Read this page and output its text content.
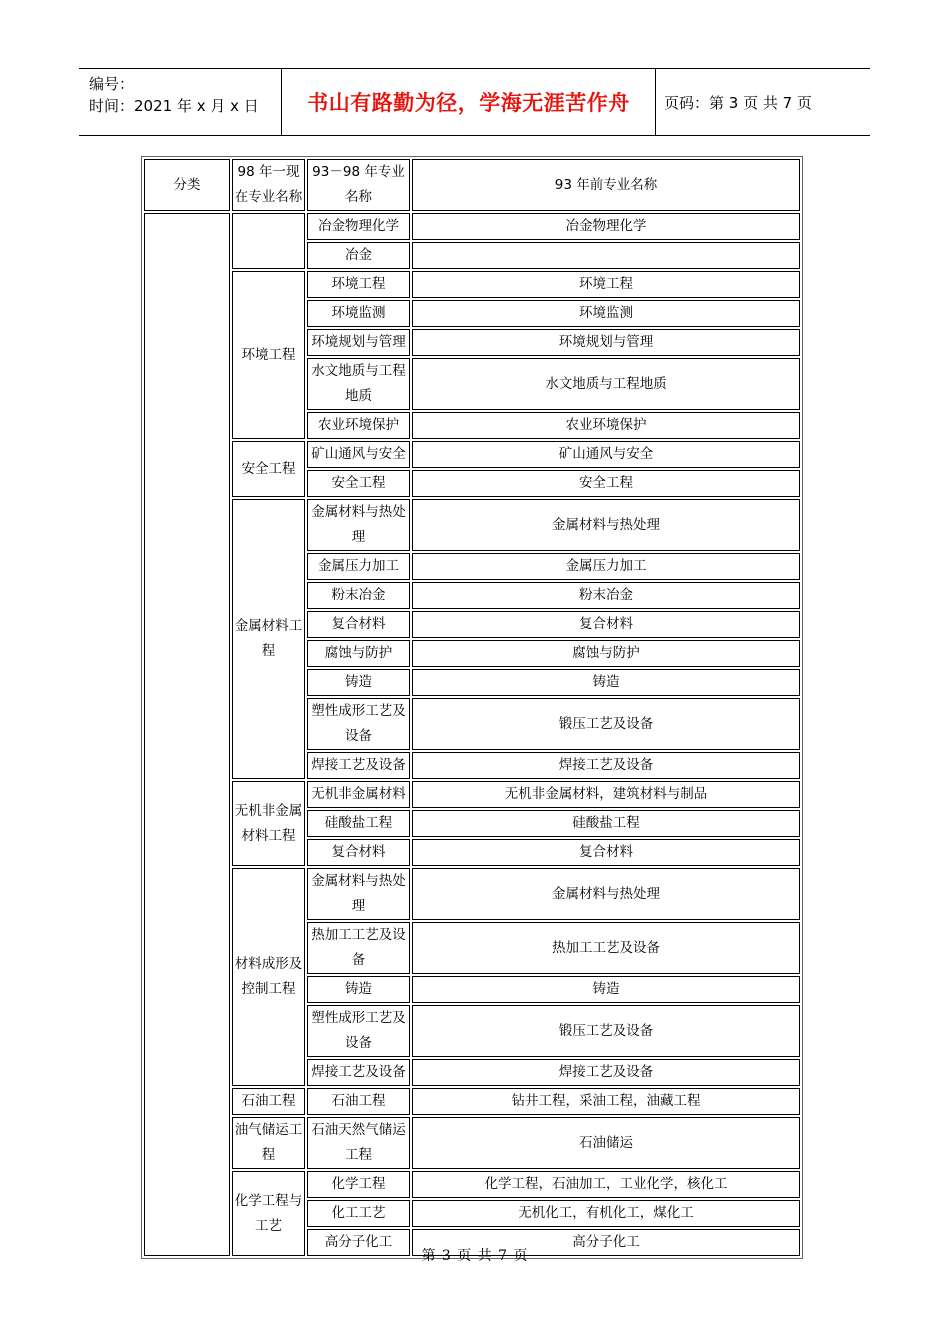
编号：
时间：2021 年 x 月 x 日	书山有路勤为径，学海无涯苦作舟	页码：第 3 页 共 7 页
分类	98 年一现在专业名称	93－98 年专业名称	93 年前专业名称
		冶金物理化学	冶金物理化学
		冶金	
	环境工程	环境工程	环境工程
		环境监测	环境监测
		环境规划与管理	环境规划与管理
		水文地质与工程地质	水文地质与工程地质
		农业环境保护	农业环境保护
	安全工程	矿山通风与安全	矿山通风与安全
		安全工程	安全工程
	金属材料工程	金属材料与热处理	金属材料与热处理
		金属压力加工	金属压力加工
		粉末冶金	粉末冶金
		复合材料	复合材料
		腐蚀与防护	腐蚀与防护
		铸造	铸造
		塑性成形工艺及设备	锻压工艺及设备
		焊接工艺及设备	焊接工艺及设备
	无机非金属材料工程	无机非金属材料	无机非金属材料，建筑材料与制品
		硅酸盐工程	硅酸盐工程
		复合材料	复合材料
	材料成形及控制工程	金属材料与热处理	金属材料与热处理
		热加工工艺及设备	热加工工艺及设备
		铸造	铸造
		塑性成形工艺及设备	锻压工艺及设备
		焊接工艺及设备	焊接工艺及设备
	石油工程	石油工程	钻井工程，采油工程，油藏工程
	油气储运工程	石油天然气储运工程	石油储运
	化学工程与工艺	化学工程	化学工程，石油加工，工业化学，核化工
		化工工艺	无机化工，有机化工，煤化工
		高分子化工	高分子化工
第 3 页 共 7 页
